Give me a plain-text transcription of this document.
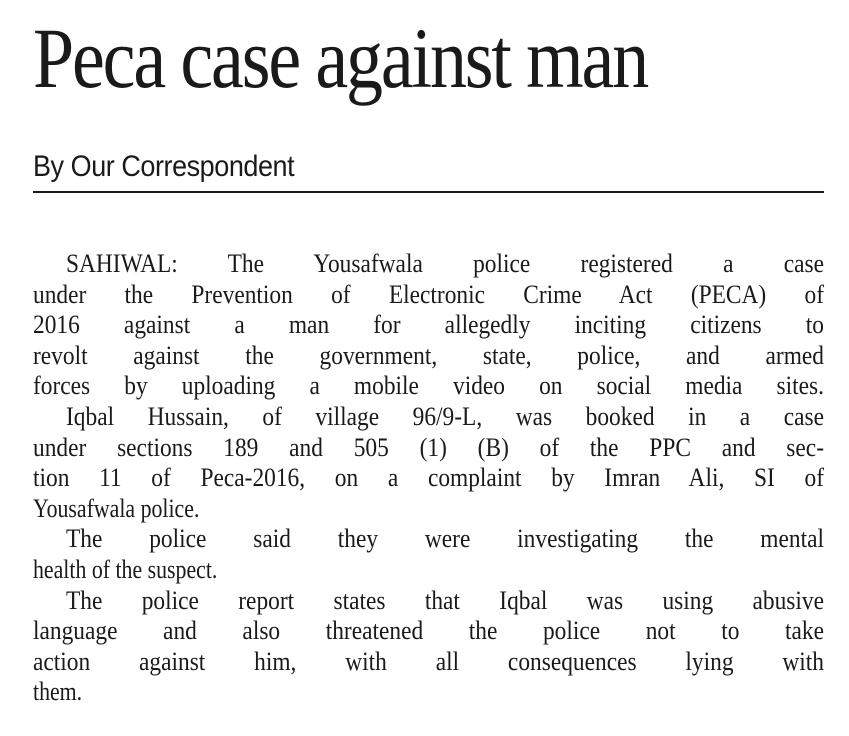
Peca case against man
By Our Correspondent
SAHIWAL: The Yousafwala police registered a case
under the Prevention of Electronic Crime Act (PECA) of
2016 against a man for allegedly inciting citizens to
revolt against the government, state, police, and armed
forces by uploading a mobile video on social media sites.
Iqbal Hussain, of village 96/9-L, was booked in a case
under sections 189 and 505 (1) (B) of the PPC and sec-
tion 11 of Peca-2016, on a complaint by Imran Ali, SI of
Yousafwala police.
The police said they were investigating the mental
health of the suspect.
The police report states that Iqbal was using abusive
language and also threatened the police not to take
action against him, with all consequences lying with
them.
